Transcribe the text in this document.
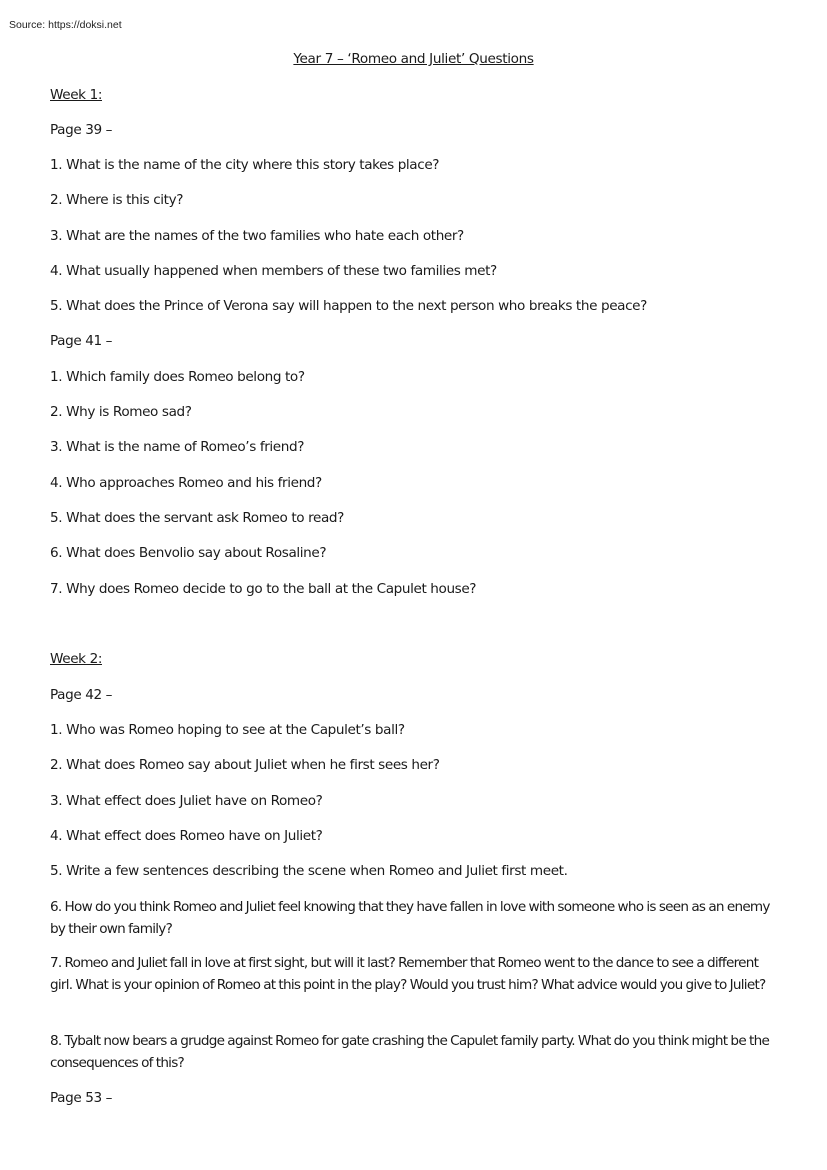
Source: https://doksi.net
Year 7 – ‘Romeo and Juliet’ Questions
Week 1:
Page 39 –
1. What is the name of the city where this story takes place?
2. Where is this city?
3. What are the names of the two families who hate each other?
4. What usually happened when members of these two families met?
5. What does the Prince of Verona say will happen to the next person who breaks the peace?
Page 41 –
1. Which family does Romeo belong to?
2. Why is Romeo sad?
3. What is the name of Romeo’s friend?
4. Who approaches Romeo and his friend?
5. What does the servant ask Romeo to read?
6. What does Benvolio say about Rosaline?
7. Why does Romeo decide to go to the ball at the Capulet house?
Week 2:
Page 42 –
1. Who was Romeo hoping to see at the Capulet’s ball?
2. What does Romeo say about Juliet when he first sees her?
3. What effect does Juliet have on Romeo?
4. What effect does Romeo have on Juliet?
5. Write a few sentences describing the scene when Romeo and Juliet first meet.
6. How do you think Romeo and Juliet feel knowing that they have fallen in love with someone who is seen as an enemy by their own family?
7. Romeo and Juliet fall in love at first sight, but will it last? Remember that Romeo went to the dance to see a different girl. What is your opinion of Romeo at this point in the play? Would you trust him? What advice would you give to Juliet?
8. Tybalt now bears a grudge against Romeo for gate crashing the Capulet family party. What do you think might be the consequences of this?
Page 53 –
